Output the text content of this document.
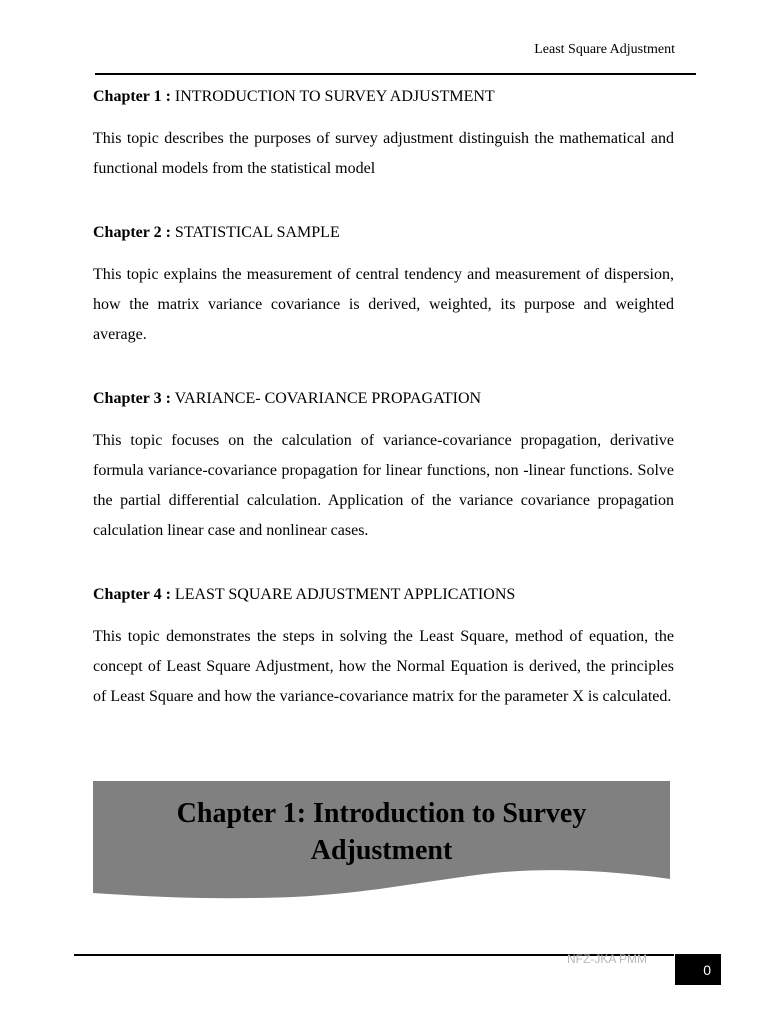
Least Square Adjustment

Chapter 1 : INTRODUCTION TO SURVEY ADJUSTMENT

This topic describes the purposes of survey adjustment distinguish the mathematical and functional models from the statistical model

Chapter 2 : STATISTICAL SAMPLE

This topic explains the measurement of central tendency and measurement of dispersion, how the matrix variance covariance is derived, weighted, its purpose and weighted average.

Chapter 3 : VARIANCE- COVARIANCE PROPAGATION

This topic focuses on the calculation of variance-covariance propagation, derivative formula variance-covariance propagation for linear functions, non -linear functions. Solve the partial differential calculation. Application of the variance covariance propagation calculation linear case and nonlinear cases.

Chapter 4 : LEAST SQUARE ADJUSTMENT APPLICATIONS

This topic demonstrates the steps in solving the Least Square, method of equation, the concept of Least Square Adjustment, how the Normal Equation is derived, the principles of Least Square and how the variance-covariance matrix for the parameter X is calculated.

Chapter 1: Introduction to Survey
Adjustment
NFZ-JKA PMM
0
